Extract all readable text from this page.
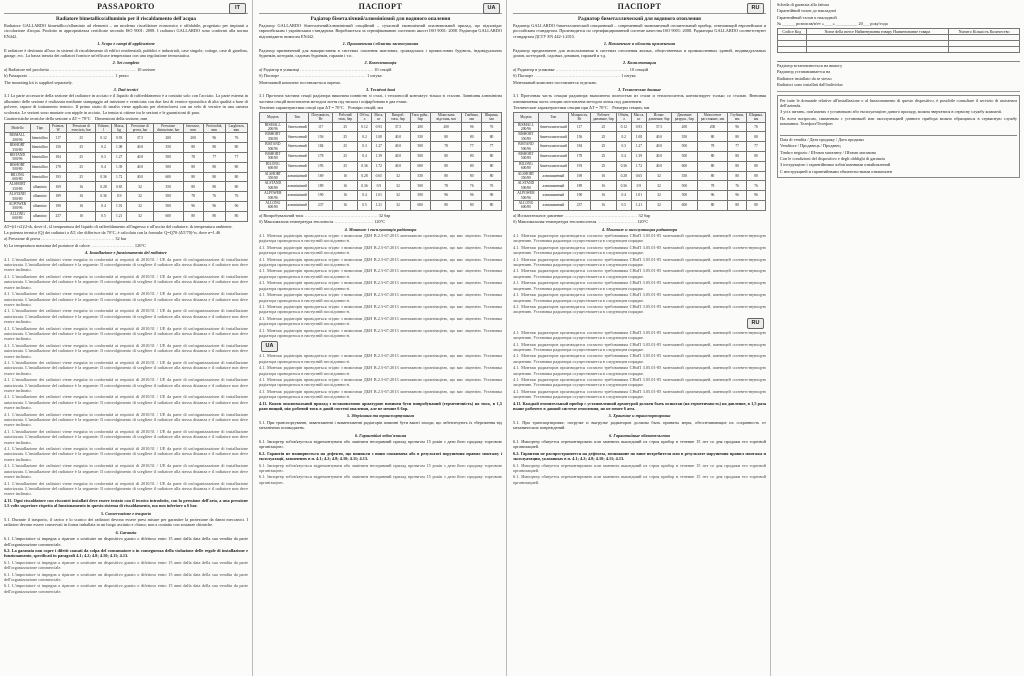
PASSAPORTO	IT
Radiatore bimetallico/alluminio per il riscaldamento dell'acqua

Radiatore GALLARDO bimetallico/alluminio ad elementi – un moderno riscaldatore economico e affidabile, progettato per impianti a circolazione d'acqua. Prodotto in appropriatezza certificate secondo ISO 9001: 2008. I radiatori GALLARDO sono conformi alla norma EN442.

1. Scopo e campi di applicazione

Il radiatore è destinato all'uso in sistemi di riscaldamento di edifici residenziali, pubblici e industriali, case singole, cottage, case di giardino, garage, ecc. La bassa inerzia dei radiatori fornisce un'efficace temperatura con una regolazione termostatica.

2. Set completo

a) Radiatore nel pacchetto …………………………………………………… 10 sezione

b) Passaporto …………………………………………………… 1 pezzo

The mounting kit is supplied separately.

3. Dati tecnici

3.1 La parte accessorie della sezione del radiatore in acciaio e il liquido di raffreddamento è a contatto solo con l'acciaio. La parte esterna in alluminio delle sezione è realizzata mediante stampaggio ad iniezione e verniciata con due fasi di vernice epossidica di alta qualità a base di polvere, capace di trattamento termico. Il primo strato di smalto viene applicato per elettroforesi con un velo di vernice in una camera scolorata. Le sezioni sono montate con nipple in acciaio. La tenuta si ottiene tra le sezioni e le guarnizioni di para.

Caratteristiche tecniche della sezione a ΔT = 70°C Dimensioni della sezione, mm

Modello	Tipo	Potenza, W	Pressione di esercizio, bar	Volume, l	Massa, kg	Pressione di prova, bar	Pressione distruzione, bar	Interasse, mm	Profondità, mm	Larghezza, mm
BISMALL 200/96	bimetallico	117	25	0.12	0.93	37.5	200	200	96	76
BISHORT 350/80	bimetallico	156	25	0.2	1.08	40.0	350	80	80	80
BISTAND 500/96	bimetallico	184	25	0.3	1.27	40.0	500	78	77	77
BISHORT 500/80	bimetallico	178	25	0.4	1.39	40.0	500	80	80	80
BILONG 600/80	bimetallico	193	25	0.36	1.72	40.0	600	80	80	80
ALSHORT 350/80	alluminio	169	16	0.28	0.65	32	350	80	80	80
ALSTAND 500/80	alluminio	189	16	0.36	0.9	32	500	78	76	76
ALPOWER 500/96	alluminio	190	16	0.4	1.01	32	500	96	96	96
ALLONG 600/80	alluminio	237	16	0.5	1.21	32	600	80	80	80

ΔT=(t1+t2)/2-tk, dove t1, t2 temperatura del liquido di raffreddamento all'ingresso e all'uscita del radiatore, tk temperatura ambiente.

La potenza termica (Q) dei radiatori a ΔT, che differisce da 70°C, è calcolata con la formula: Q=Q70·(ΔT/70)^n, dove n=1.46

a) Pressione di prova …………………………………………… 32 bar

b) La temperatura massima del portatore di calore ………………………… 120°C

4. Installazione e funzionamento del radiatore

4.1. L'installazione dei radiatori viene eseguita in conformità ai requisiti di 2010/31 / UE da parte di un'organizzazione di installazione autorizzata. L'installazione del radiatore è la seguente: Il coinvolgimento di scegliere il radiatore alla stessa distanza e il radiatore non deve essere inclinato.

4.1. L'installazione dei radiatori viene eseguita in conformità ai requisiti di 2010/31 / UE da parte di un'organizzazione di installazione autorizzata. L'installazione del radiatore è la seguente: Il coinvolgimento di scegliere il radiatore alla stessa distanza e il radiatore non deve essere inclinato.

4.1. L'installazione dei radiatori viene eseguita in conformità ai requisiti di 2010/31 / UE da parte di un'organizzazione di installazione autorizzata. L'installazione del radiatore è la seguente: Il coinvolgimento di scegliere il radiatore alla stessa distanza e il radiatore non deve essere inclinato.

4.1. L'installazione dei radiatori viene eseguita in conformità ai requisiti di 2010/31 / UE da parte di un'organizzazione di installazione autorizzata. L'installazione del radiatore è la seguente: Il coinvolgimento di scegliere il radiatore alla stessa distanza e il radiatore non deve essere inclinato.

4.1. L'installazione dei radiatori viene eseguita in conformità ai requisiti di 2010/31 / UE da parte di un'organizzazione di installazione autorizzata. L'installazione del radiatore è la seguente: Il coinvolgimento di scegliere il radiatore alla stessa distanza e il radiatore non deve essere inclinato.

4.1. L'installazione dei radiatori viene eseguita in conformità ai requisiti di 2010/31 / UE da parte di un'organizzazione di installazione autorizzata. L'installazione del radiatore è la seguente: Il coinvolgimento di scegliere il radiatore alla stessa distanza e il radiatore non deve essere inclinato.

4.1. L'installazione dei radiatori viene eseguita in conformità ai requisiti di 2010/31 / UE da parte di un'organizzazione di installazione autorizzata. L'installazione del radiatore è la seguente: Il coinvolgimento di scegliere il radiatore alla stessa distanza e il radiatore non deve essere inclinato.

4.1. L'installazione dei radiatori viene eseguita in conformità ai requisiti di 2010/31 / UE da parte di un'organizzazione di installazione autorizzata. L'installazione del radiatore è la seguente: Il coinvolgimento di scegliere il radiatore alla stessa distanza e il radiatore non deve essere inclinato.

4.1. L'installazione dei radiatori viene eseguita in conformità ai requisiti di 2010/31 / UE da parte di un'organizzazione di installazione autorizzata. L'installazione del radiatore è la seguente: Il coinvolgimento di scegliere il radiatore alla stessa distanza e il radiatore non deve essere inclinato.

4.1. L'installazione dei radiatori viene eseguita in conformità ai requisiti di 2010/31 / UE da parte di un'organizzazione di installazione autorizzata. L'installazione del radiatore è la seguente: Il coinvolgimento di scegliere il radiatore alla stessa distanza e il radiatore non deve essere inclinato.

4.1. L'installazione dei radiatori viene eseguita in conformità ai requisiti di 2010/31 / UE da parte di un'organizzazione di installazione autorizzata. L'installazione del radiatore è la seguente: Il coinvolgimento di scegliere il radiatore alla stessa distanza e il radiatore non deve essere inclinato.

4.1. L'installazione dei radiatori viene eseguita in conformità ai requisiti di 2010/31 / UE da parte di un'organizzazione di installazione autorizzata. L'installazione del radiatore è la seguente: Il coinvolgimento di scegliere il radiatore alla stessa distanza e il radiatore non deve essere inclinato.

4.1. L'installazione dei radiatori viene eseguita in conformità ai requisiti di 2010/31 / UE da parte di un'organizzazione di installazione autorizzata. L'installazione del radiatore è la seguente: Il coinvolgimento di scegliere il radiatore alla stessa distanza e il radiatore non deve essere inclinato.

4.1. L'installazione dei radiatori viene eseguita in conformità ai requisiti di 2010/31 / UE da parte di un'organizzazione di installazione autorizzata. L'installazione del radiatore è la seguente: Il coinvolgimento di scegliere il radiatore alla stessa distanza e il radiatore non deve essere inclinato.

4.11. Ogni riscaldatore con riscontri installati deve essere testato con il tecnico introdotto, con la pressione dell'aria, a una pressione 1.5 volte superiore rispetto al funzionamento in questo sistema di riscaldamento, ma non inferiore a 6 bar.

5. Conservazione e trasporto

5.1. Durante il trasporto, il carico e lo scarico dei radiatori devono essere presi misure per garantire la protezione da danni meccanici. I radiatori devono essere conservati in forma imballata in un luogo asciutto e chiuso, non a contatto con sostanze chimiche.

6. Garanzia

6.1. L'importatore si impegna a riparare o sostituire un dispositivo guasto o difettoso entro 15 anni dalla data della sua vendita da parte dell'organizzazione commerciale.

6.2. La garanzia non copre i difetti causati da colpa del consumatore o in conseguenza della violazione delle regole di installazione e funzionamento, specificati in paragrafi 4.1; 4.2; 4.8; 4.10; 4.11; 4.13.

6.1. L'importatore si impegna a riparare o sostituire un dispositivo guasto o difettoso entro 15 anni dalla data della sua vendita da parte dell'organizzazione commerciale.

6.1. L'importatore si impegna a riparare o sostituire un dispositivo guasto o difettoso entro 15 anni dalla data della sua vendita da parte dell'organizzazione commerciale.

6.1. L'importatore si impegna a riparare o sostituire un dispositivo guasto o difettoso entro 15 anni dalla data della sua vendita da parte dell'organizzazione commerciale.

ПАСПОРТ	UA
Радіатор біметалічний/алюмінієвий для водяного опалення

Радіатор GALLARDO біметалічний/алюмінієвий секційний – сучасний економічний опалювальний прилад, що відповідає європейським і українським стандартам. Виробляється за сертифікованою системою якості ISO 9001: 2008. Радіатори GALLARDO відповідають вимогам EN442.

1. Призначення і область застосування

Радіатор призначений для використання в системах опалення житлових, громадських і промислових будівель, індивідуальних будинків, котеджів, садових будинків, гаражів і т.п.

2. Комплектація

а) Радіатор в упаковці …………………………………………… 10 секцій

б) Паспорт …………………………………………………… 1 штука

Монтажний комплект поставляється окремо.

3. Технічні дані

3.1 Проточна частина секції радіатора виконана повністю зі сталі, і теплоносій контактує тільки зі сталлю. Зовнішня алюмінієва частина секцій виготовлена методом лиття під тиском і пофарбована в два етапи.

Технічні характеристики секції при ΔT = 70°C Розміри секцій, мм

Модель	Тип	Потужність, Вт	Робочий тиск, бар	Об'єм, л	Маса, кг	Випроб. тиск, бар	Тиск руйн., бар	Міжосьова відстань, мм	Глибина, мм	Ширина, мм
BISMALL 200/96	біметалевий	117	25	0.12	0.93	37.5	200	200	96	76
BISHORT 350/80	біметалевий	156	25	0.2	1.08	40.0	350	80	80	80
BISTAND 500/96	біметалевий	184	25	0.3	1.27	40.0	500	78	77	77
BISHORT 500/80	біметалевий	178	25	0.4	1.39	40.0	500	80	80	80
BILONG 600/80	біметалевий	193	25	0.36	1.72	40.0	600	80	80	80
ALSHORT 350/80	алюмінієвий	169	16	0.28	0.65	32	350	80	80	80
ALSTAND 500/80	алюмінієвий	189	16	0.36	0.9	32	500	78	76	76
ALPOWER 500/96	алюмінієвий	190	16	0.4	1.01	32	500	96	96	96
ALLONG 600/80	алюмінієвий	237	16	0.5	1.21	32	600	80	80	80

а) Випробувальний тиск …………………………………………… 32 бар

б) Максимальна температура теплоносія ……………………… 120°С

4. Монтаж і експлуатація радіатора

4.1. Монтаж радіаторів проводиться згідно з вимогами ДБН В.2.5-67:2013 монтажною організацією, що має ліцензію. Установка радіатора проводиться в наступній послідовності.

4.1. Монтаж радіаторів проводиться згідно з вимогами ДБН В.2.5-67:2013 монтажною організацією, що має ліцензію. Установка радіатора проводиться в наступній послідовності.

4.1. Монтаж радіаторів проводиться згідно з вимогами ДБН В.2.5-67:2013 монтажною організацією, що має ліцензію. Установка радіатора проводиться в наступній послідовності.

4.1. Монтаж радіаторів проводиться згідно з вимогами ДБН В.2.5-67:2013 монтажною організацією, що має ліцензію. Установка радіатора проводиться в наступній послідовності.

4.1. Монтаж радіаторів проводиться згідно з вимогами ДБН В.2.5-67:2013 монтажною організацією, що має ліцензію. Установка радіатора проводиться в наступній послідовності.

4.1. Монтаж радіаторів проводиться згідно з вимогами ДБН В.2.5-67:2013 монтажною організацією, що має ліцензію. Установка радіатора проводиться в наступній послідовності.

4.1. Монтаж радіаторів проводиться згідно з вимогами ДБН В.2.5-67:2013 монтажною організацією, що має ліцензію. Установка радіатора проводиться в наступній послідовності.

4.1. Монтаж радіаторів проводиться згідно з вимогами ДБН В.2.5-67:2013 монтажною організацією, що має ліцензію. Установка радіатора проводиться в наступній послідовності.

4.1. Монтаж радіаторів проводиться згідно з вимогами ДБН В.2.5-67:2013 монтажною організацією, що має ліцензію. Установка радіатора проводиться в наступній послідовності.

UA

4.1. Монтаж радіаторів проводиться згідно з вимогами ДБН В.2.5-67:2013 монтажною організацією, що має ліцензію. Установка радіатора проводиться в наступній послідовності.

4.1. Монтаж радіаторів проводиться згідно з вимогами ДБН В.2.5-67:2013 монтажною організацією, що має ліцензію. Установка радіатора проводиться в наступній послідовності.

4.1. Монтаж радіаторів проводиться згідно з вимогами ДБН В.2.5-67:2013 монтажною організацією, що має ліцензію. Установка радіатора проводиться в наступній послідовності.

4.1. Монтаж радіаторів проводиться згідно з вимогами ДБН В.2.5-67:2013 монтажною організацією, що має ліцензію. Установка радіатора проводиться в наступній послідовності.

4.11. Кожен опалювальний прилад з встановленою арматурою повинен бути випробуваний (герметичність) на тиск, в 1,5 рази вищий, ніж робочий тиск в даній системі опалення, але не менше 6 бар.

5. Зберігання та транспортування

5.1. При транспортуванні, завантаженні і вивантаженні радіаторів повинні бути вжиті заходи, що забезпечують їх збереження від механічних пошкоджень.

6. Гарантійні зобов'язання

6.1. Імпортер зобов'язується відремонтувати або замінити несправний прилад протягом 15 років з дати його продажу торговою організацією.

6.2. Гарантія не поширюється на дефекти, що виникли з вини споживача або в результаті порушення правил монтажу і експлуатації, зазначених в п. 4.1; 4.2; 4.8; 4.10; 4.11; 4.13.

6.1. Імпортер зобов'язується відремонтувати або замінити несправний прилад протягом 15 років з дати його продажу торговою організацією.

6.1. Імпортер зобов'язується відремонтувати або замінити несправний прилад протягом 15 років з дати його продажу торговою організацією.

ПАСПОРТ	RU
Радиатор биметаллический для водяного отопления

Радиатор GALLARDO биметаллический секционный – современный экономичный отопительный прибор, отвечающий европейским и российским стандартам. Производится по сертифицированной системе качества ISO 9001: 2008. Радиаторы GALLARDO соответствуют стандартам ДСТУ ЕN 442-1:2015.

1. Назначение и область применения

Радиатор предназначен для использования в системах отопления жилых, общественных и промышленных зданий, индивидуальных домов, коттеджей, садовых домиков, гаражей и т.д.

2. Комплектация

а) Радиатор в упаковке …………………………………………… 10 секций

б) Паспорт …………………………………………………… 1 штука

Монтажный комплект поставляется отдельно.

3. Технические данные

3.1 Проточная часть секции радиатора выполнена полностью из стали и теплоноситель контактирует только со сталью. Внешняя алюминиевая часть секции изготовлена методом литья под давлением.

Технические характеристики секции при ΔT = 70°C Размеры секции, мм

Модель	Тип	Мощность, Вт	Рабочее давление, бар	Объём, л	Масса, кг	Испыт. давление, бар	Давление разруш., бар	Межосевое расстояние, мм	Глубина, мм	Ширина, мм
BISMALL 200/96	биметаллический	117	25	0.12	0.93	37.5	200	200	96	76
BISHORT 350/80	биметаллический	156	25	0.2	1.08	40.0	350	80	80	80
BISTAND 500/96	биметаллический	184	25	0.3	1.27	40.0	500	78	77	77
BISHORT 500/80	биметаллический	178	25	0.4	1.39	40.0	500	80	80	80
BILONG 600/80	биметаллический	193	25	0.36	1.72	40.0	600	80	80	80
ALSHORT 350/80	алюминиевый	169	16	0.28	0.65	32	350	80	80	80
ALSTAND 500/80	алюминиевый	189	16	0.36	0.9	32	500	78	76	76
ALPOWER 500/96	алюминиевый	190	16	0.4	1.01	32	500	96	96	96
ALLONG 600/80	алюминиевый	237	16	0.5	1.21	32	600	80	80	80

а) Испытательное давление …………………………………………… 32 бар

б) Максимальная температура теплоносителя ……………………… 120°С

4. Монтаж и эксплуатация радиатора

4.1. Монтаж радиаторов производится согласно требованиям СНиП 3.05.01-85 монтажной организацией, имеющей соответствующую лицензию. Установка радиатора осуществляется в следующем порядке.

4.1. Монтаж радиаторов производится согласно требованиям СНиП 3.05.01-85 монтажной организацией, имеющей соответствующую лицензию. Установка радиатора осуществляется в следующем порядке.

4.1. Монтаж радиаторов производится согласно требованиям СНиП 3.05.01-85 монтажной организацией, имеющей соответствующую лицензию. Установка радиатора осуществляется в следующем порядке.

4.1. Монтаж радиаторов производится согласно требованиям СНиП 3.05.01-85 монтажной организацией, имеющей соответствующую лицензию. Установка радиатора осуществляется в следующем порядке.

4.1. Монтаж радиаторов производится согласно требованиям СНиП 3.05.01-85 монтажной организацией, имеющей соответствующую лицензию. Установка радиатора осуществляется в следующем порядке.

4.1. Монтаж радиаторов производится согласно требованиям СНиП 3.05.01-85 монтажной организацией, имеющей соответствующую лицензию. Установка радиатора осуществляется в следующем порядке.

4.1. Монтаж радиаторов производится согласно требованиям СНиП 3.05.01-85 монтажной организацией, имеющей соответствующую лицензию. Установка радиатора осуществляется в следующем порядке.

RU

4.1. Монтаж радиаторов производится согласно требованиям СНиП 3.05.01-85 монтажной организацией, имеющей соответствующую лицензию. Установка радиатора осуществляется в следующем порядке.

4.1. Монтаж радиаторов производится согласно требованиям СНиП 3.05.01-85 монтажной организацией, имеющей соответствующую лицензию. Установка радиатора осуществляется в следующем порядке.

4.1. Монтаж радиаторов производится согласно требованиям СНиП 3.05.01-85 монтажной организацией, имеющей соответствующую лицензию. Установка радиатора осуществляется в следующем порядке.

4.1. Монтаж радиаторов производится согласно требованиям СНиП 3.05.01-85 монтажной организацией, имеющей соответствующую лицензию. Установка радиатора осуществляется в следующем порядке.

4.1. Монтаж радиаторов производится согласно требованиям СНиП 3.05.01-85 монтажной организацией, имеющей соответствующую лицензию. Установка радиатора осуществляется в следующем порядке.

4.1. Монтаж радиаторов производится согласно требованиям СНиП 3.05.01-85 монтажной организацией, имеющей соответствующую лицензию. Установка радиатора осуществляется в следующем порядке.

4.11. Каждый отопительный прибор с установленной арматурой должен быть испытан (на герметичность) на давление, в 1,5 раза выше рабочего в данной системе отопления, но не менее 6 атм.

5. Хранение и транспортировка

5.1. При транспортировке, погрузке и выгрузке радиаторов должны быть приняты меры, обеспечивающие их сохранность от механических повреждений.

6. Гарантийные обязательства

6.1. Импортер обязуется отремонтировать или заменить вышедший из строя прибор в течение 15 лет со дня продажи его торговой организацией.

6.2. Гарантия не распространяется на дефекты, возникшие по вине потребителя или в результате нарушения правил монтажа и эксплуатации, указанных в п. 4.1; 4.2; 4.8; 4.10; 4.11; 4.13.

6.1. Импортер обязуется отремонтировать или заменить вышедший из строя прибор в течение 15 лет со дня продажи его торговой организацией.

6.1. Импортер обязуется отремонтировать или заменить вышедший из строя прибор в течение 15 лет со дня продажи его торговой организацией.

Scheda di garanzia alla fattura

Гарантійний талон до накладної

Гарантийный талон к накладной

№ ______ розписав/в/ет «____» __________ 20___ року/года

Codice Код	Nome della merce Найменування товару Наименование товара	Numero Кількість Количество

Радіатор встановлюється на вимогу

Радиатор устанавливается на

Radiatore installato da se stesso

Radiatori sono installati dall'individuo

Per tutte le domande relative all'installazione o al funzionamento di questo dispositivo, è possibile consultare il servizio di assistenza dell'azienda.

З усіх питань, пов'язаних з установкою або експлуатацією даного приладу, можна звертатися в сервісну службу компанії.

По всем вопросам, связанным с установкой или эксплуатацией данного прибора можно обращаться в сервисную службу компании. Телефон/Телефон

Data di vendita / Дата продажу / Дата продажи

Venditore / Продавець / Продавец

Timbro negozio / Штамп магазину / Штамп магазина

Сon le condizioni del dispositivo e degli obblighi di garanzia

З інструкцією і гарантійними зобов'язаннями ознайомлений

С инструкцией и гарантийными обязательствами ознакомлен
